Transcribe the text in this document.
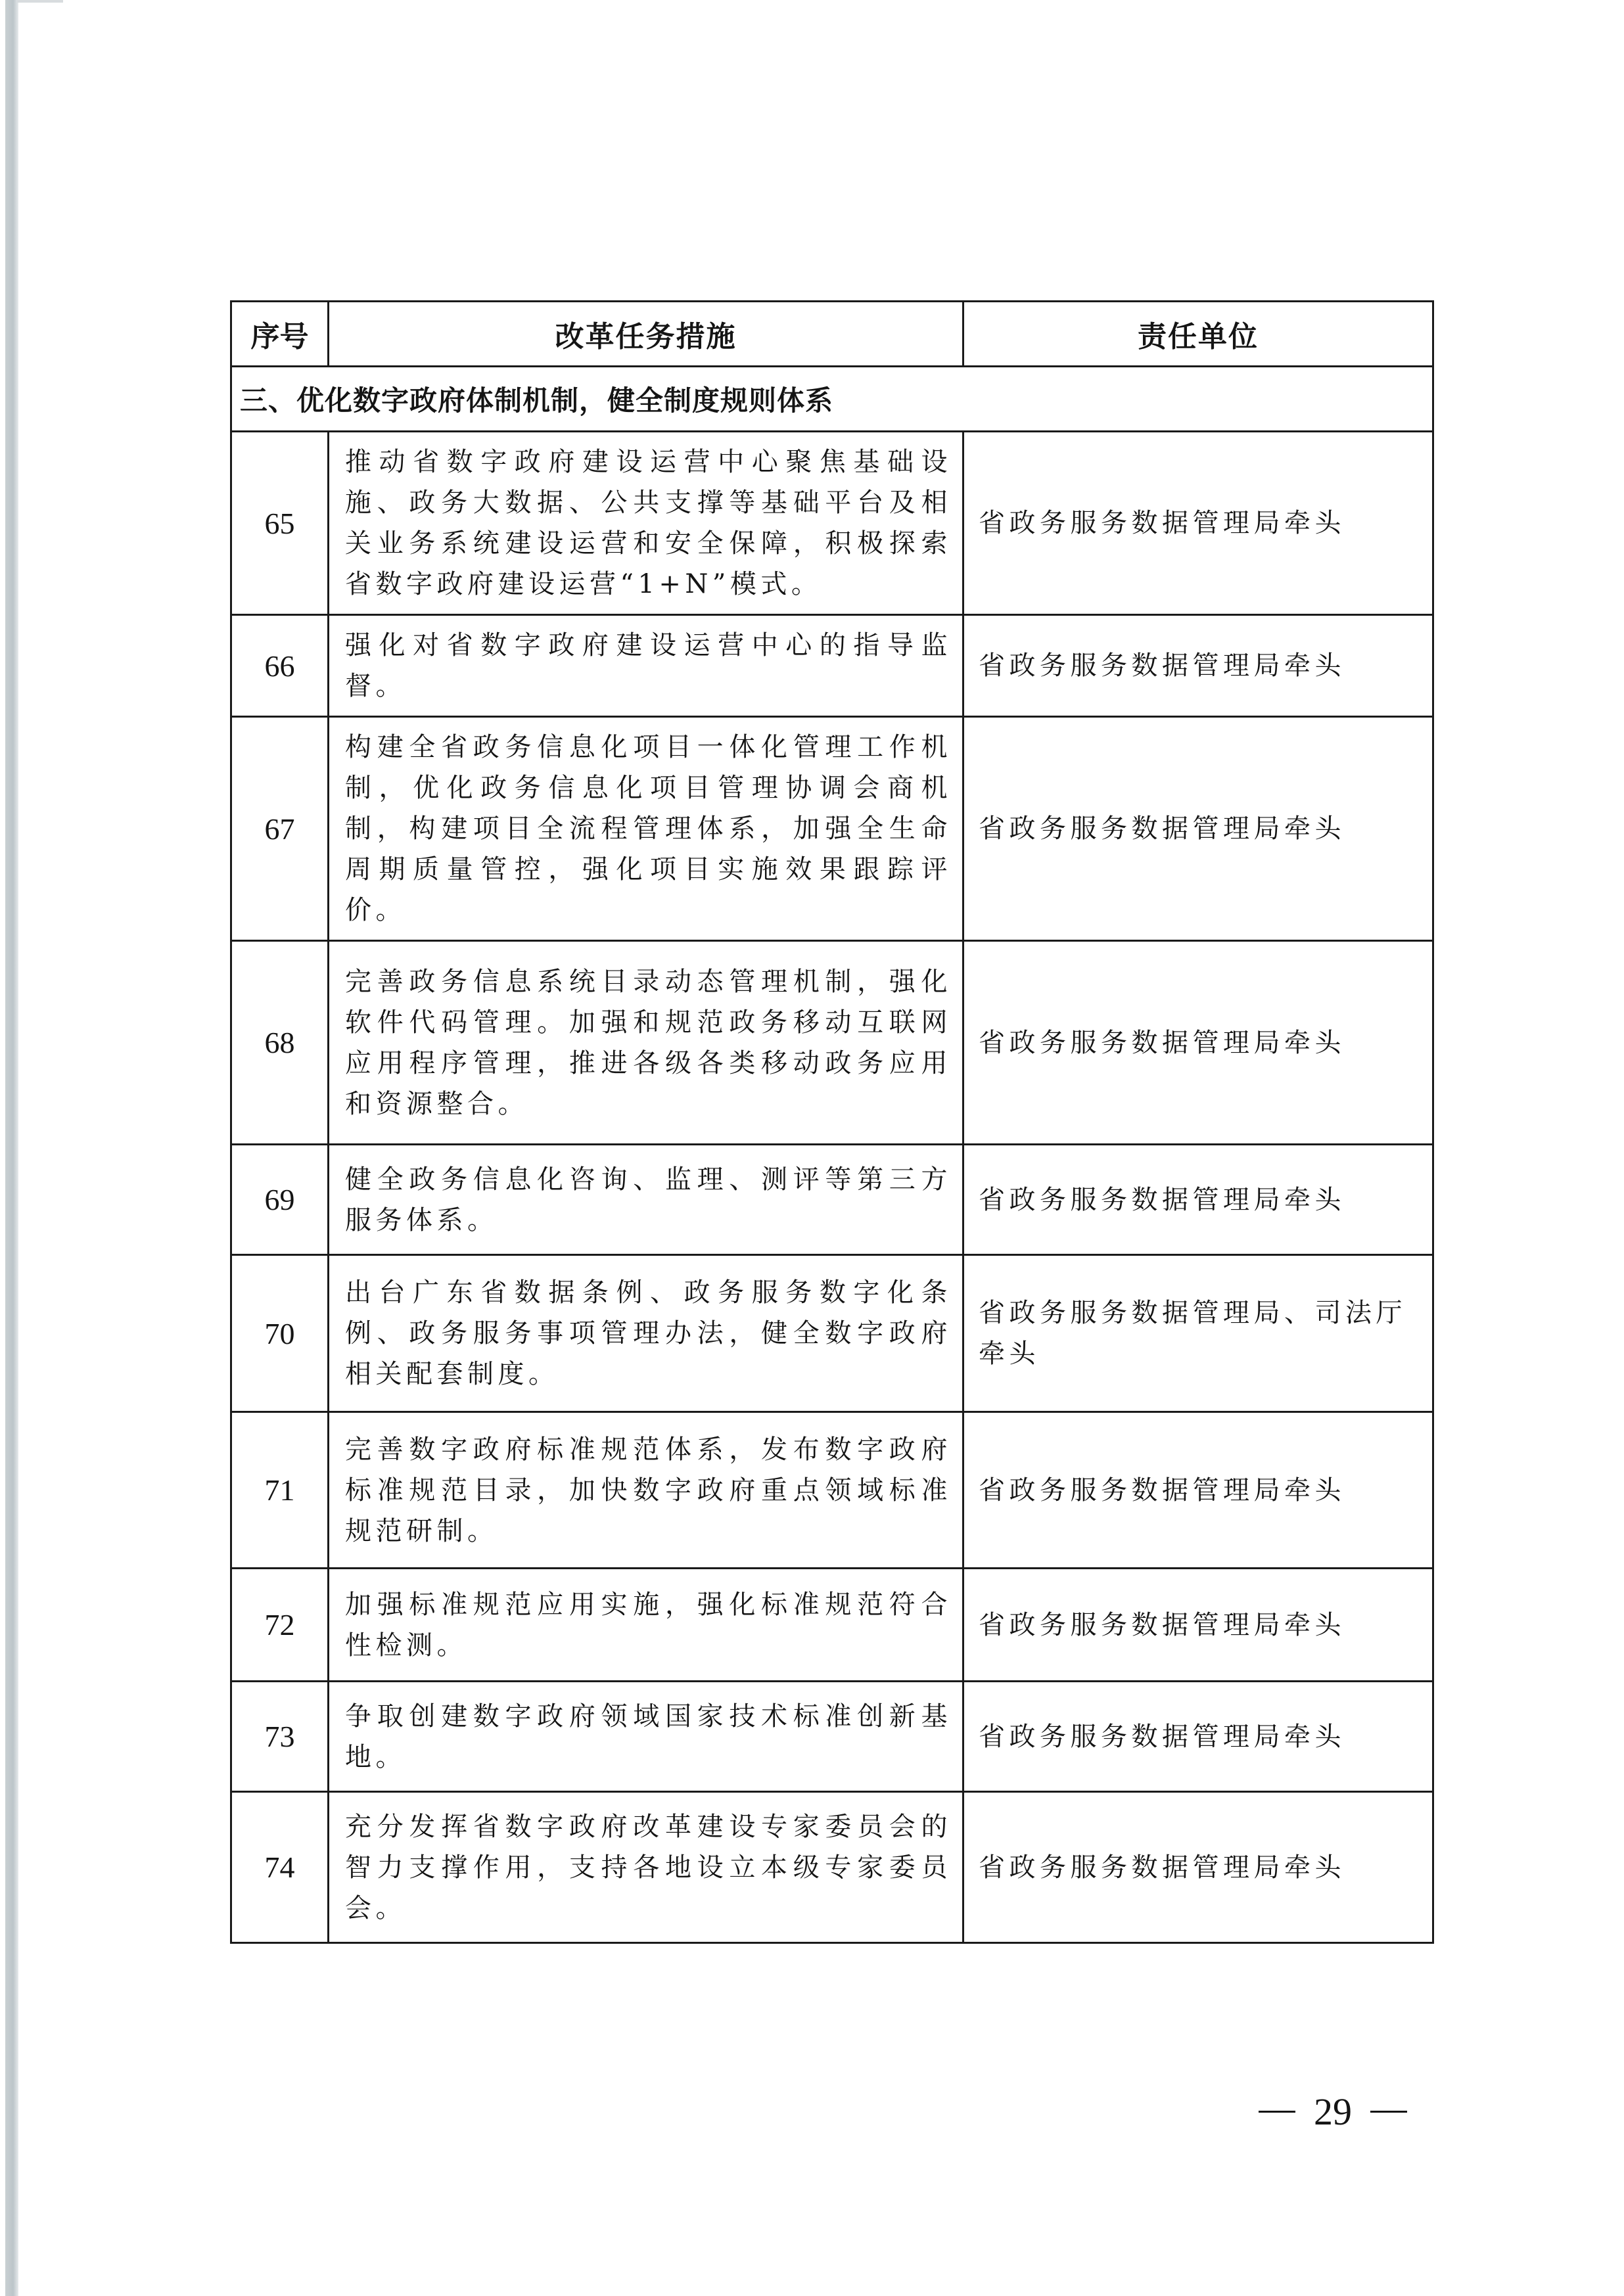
序号	改革任务措施	责任单位
三、优化数字政府体制机制，健全制度规则体系		
65	推动省数字政府建设运营中心聚焦基础设施、政务大数据、公共支撑等基础平台及相关业务系统建设运营和安全保障，积极探索省数字政府建设运营“1+N”模式。	省政务服务数据管理局牵头
66	强化对省数字政府建设运营中心的指导监督。	省政务服务数据管理局牵头
67	构建全省政务信息化项目一体化管理工作机制，优化政务信息化项目管理协调会商机制，构建项目全流程管理体系，加强全生命周期质量管控，强化项目实施效果跟踪评价。	省政务服务数据管理局牵头
68	完善政务信息系统目录动态管理机制，强化软件代码管理。加强和规范政务移动互联网应用程序管理，推进各级各类移动政务应用和资源整合。	省政务服务数据管理局牵头
69	健全政务信息化咨询、监理、测评等第三方服务体系。	省政务服务数据管理局牵头
70	出台广东省数据条例、政务服务数字化条例、政务服务事项管理办法，健全数字政府相关配套制度。	省政务服务数据管理局、司法厅牵头
71	完善数字政府标准规范体系，发布数字政府标准规范目录，加快数字政府重点领域标准规范研制。	省政务服务数据管理局牵头
72	加强标准规范应用实施，强化标准规范符合性检测。	省政务服务数据管理局牵头
73	争取创建数字政府领域国家技术标准创新基地。	省政务服务数据管理局牵头
74	充分发挥省数字政府改革建设专家委员会的智力支撑作用，支持各地设立本级专家委员会。	省政务服务数据管理局牵头
29
